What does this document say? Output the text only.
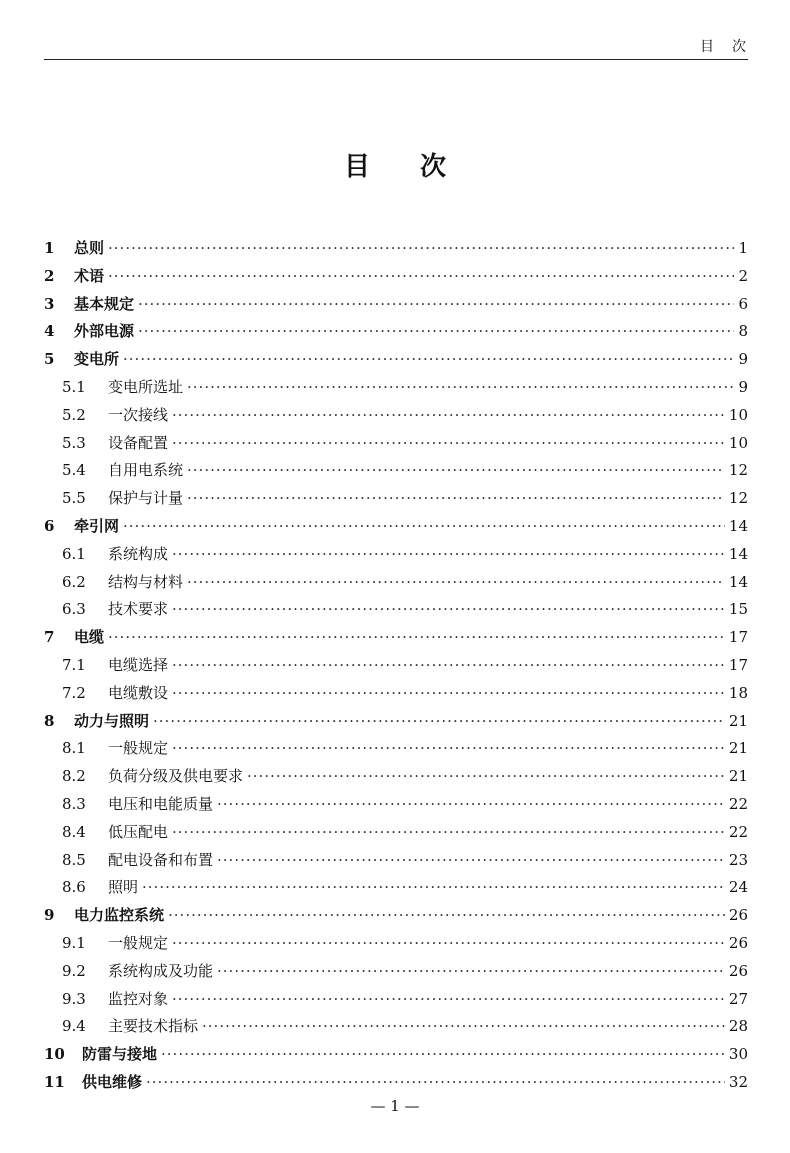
目次
目次
1	总则 ·····	1
2	术语 ·····	2
3	基本规定 ·····	6
4	外部电源 ·····	8
5	变电所 ·····	9
5.1	变电所选址 ·····	9
5.2	一次接线 ·····	10
5.3	设备配置 ·····	10
5.4	自用电系统 ·····	12
5.5	保护与计量 ·····	12
6	牵引网 ·····	14
6.1	系统构成 ·····	14
6.2	结构与材料 ·····	14
6.3	技术要求 ·····	15
7	电缆 ·····	17
7.1	电缆选择 ·····	17
7.2	电缆敷设 ·····	18
8	动力与照明 ·····	21
8.1	一般规定 ·····	21
8.2	负荷分级及供电要求 ·····	21
8.3	电压和电能质量 ·····	22
8.4	低压配电 ·····	22
8.5	配电设备和布置 ·····	23
8.6	照明 ·····	24
9	电力监控系统 ·····	26
9.1	一般规定 ·····	26
9.2	系统构成及功能 ·····	26
9.3	监控对象 ·····	27
9.4	主要技术指标 ·····	28
10	防雷与接地 ·····	30
11	供电维修 ·····	32
— 1 —
